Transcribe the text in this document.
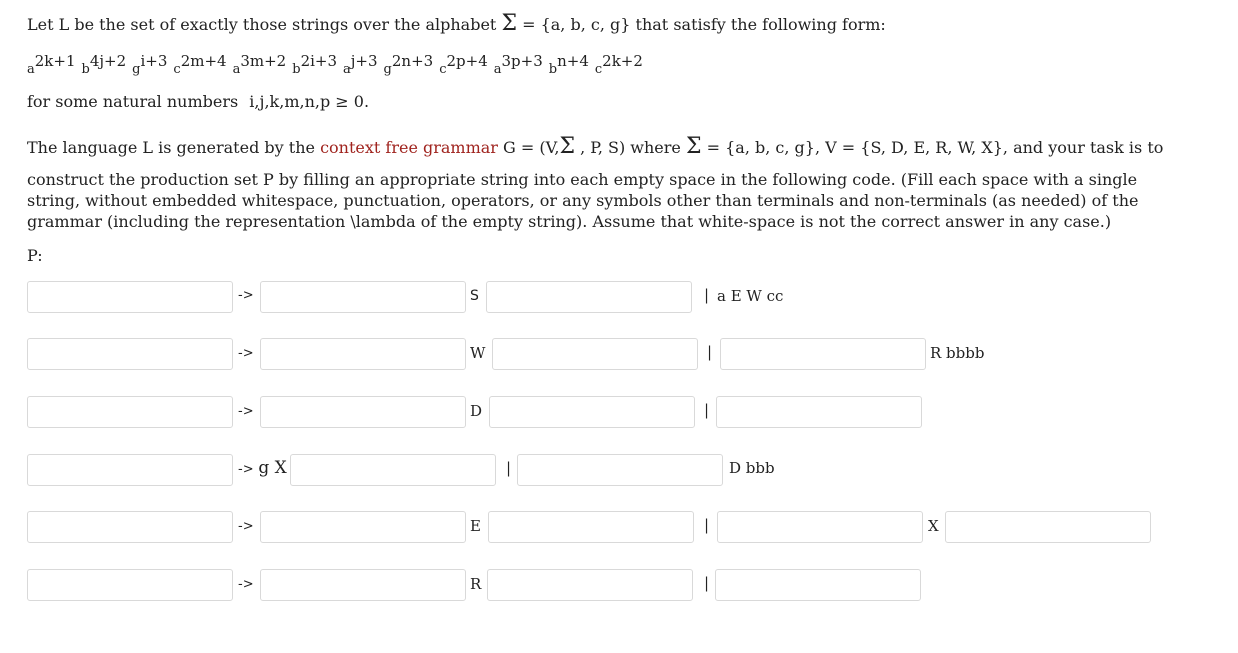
Let L be the set of exactly those strings over the alphabet Σ = {a, b, c, g} that satisfy the following form:
$a^{2k+1}$ $b^{4j+2}$ $g^{i+3}$ $c^{2m+4}$ $a^{3m+2}$ $b^{2i+3}$ $a^{j+3}$ $g^{2n+3}$ $c^{2p+4}$ $a^{3p+3}$ $b^{n+4}$ $c^{2k+2}$
for some natural numbers i,j,k,m,n,p ≥ 0.
The language L is generated by the context free grammar G = (V,Σ , P, S) where Σ = {a, b, c, g}, V = {S, D, E, R, W, X}, and your task is to
construct the production set P by filling an appropriate string into each empty space in the following code. (Fill each space with a single string, without embedded whitespace, punctuation, operators, or any symbols other than terminals and non-terminals (as needed) of the grammar (including the representation \lambda of the empty string). Assume that white-space is not the correct answer in any case.)
P:
->	S	| a E W cc
->	W	|	R bbbb
->	D	|
-> g X	|	D bbb
->	E	|	X
->	R	|
